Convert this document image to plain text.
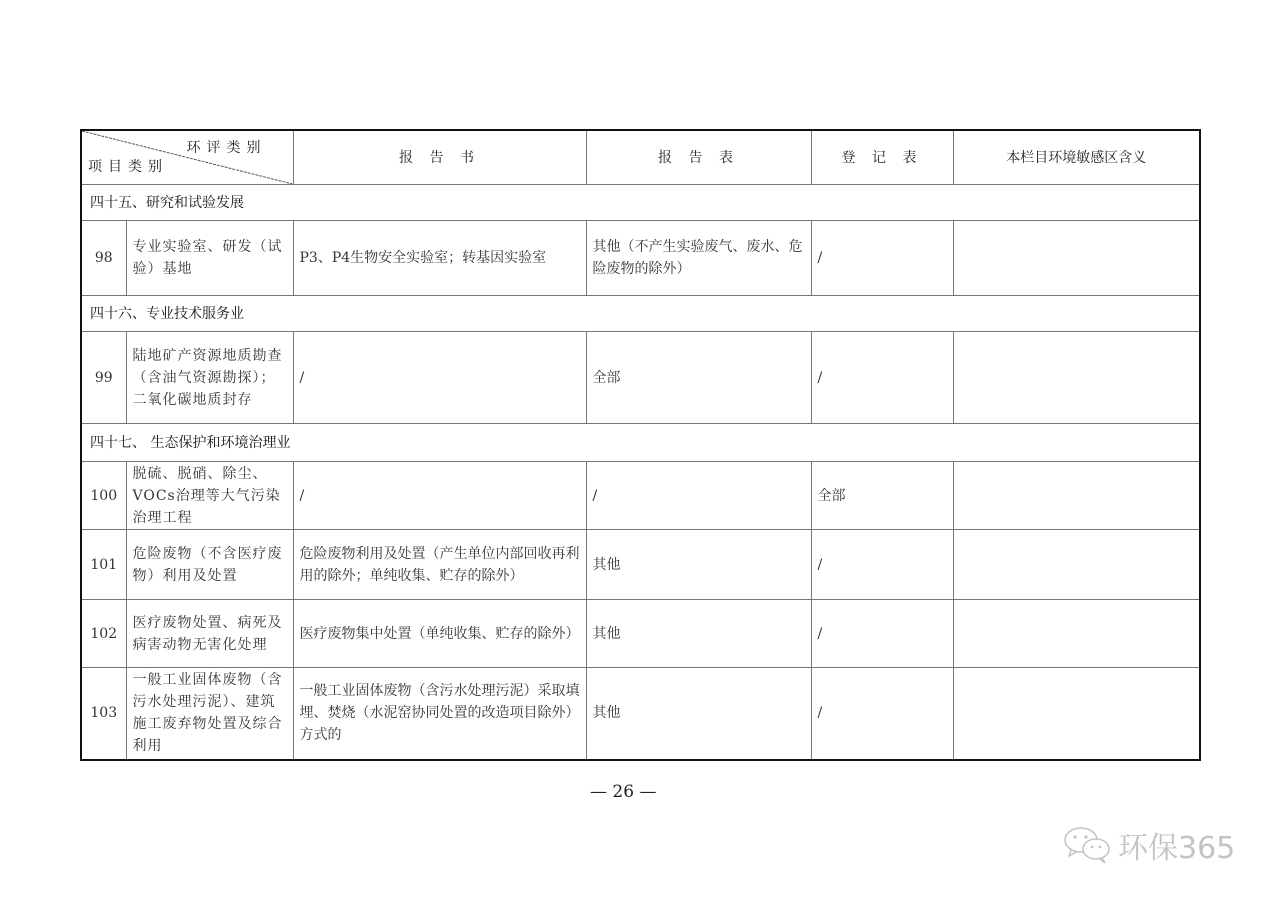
环评类别
项目类别		报 告 书	报 告 表	登 记 表	本栏目环境敏感区含义
四十五、研究和试验发展					
98	专业实验室、研发（试验）基地	P3、P4生物安全实验室；转基因实验室	其他（不产生实验废气、废水、危险废物的除外）	/	
四十六、专业技术服务业					
99	陆地矿产资源地质勘查（含油气资源勘探）；二氧化碳地质封存	/	全部	/	
四十七、 生态保护和环境治理业					
100	脱硫、脱硝、除尘、VOCs治理等大气污染治理工程	/	/	全部	
101	危险废物（不含医疗废物）利用及处置	危险废物利用及处置（产生单位内部回收再利用的除外；单纯收集、贮存的除外）	其他	/	
102	医疗废物处置、病死及病害动物无害化处理	医疗废物集中处置（单纯收集、贮存的除外）	其他	/	
103	一般工业固体废物（含污水处理污泥）、建筑施工废弃物处置及综合利用	一般工业固体废物（含污水处理污泥）采取填埋、焚烧（水泥窑协同处置的改造项目除外）方式的	其他	/	
— 26 —
环保365
